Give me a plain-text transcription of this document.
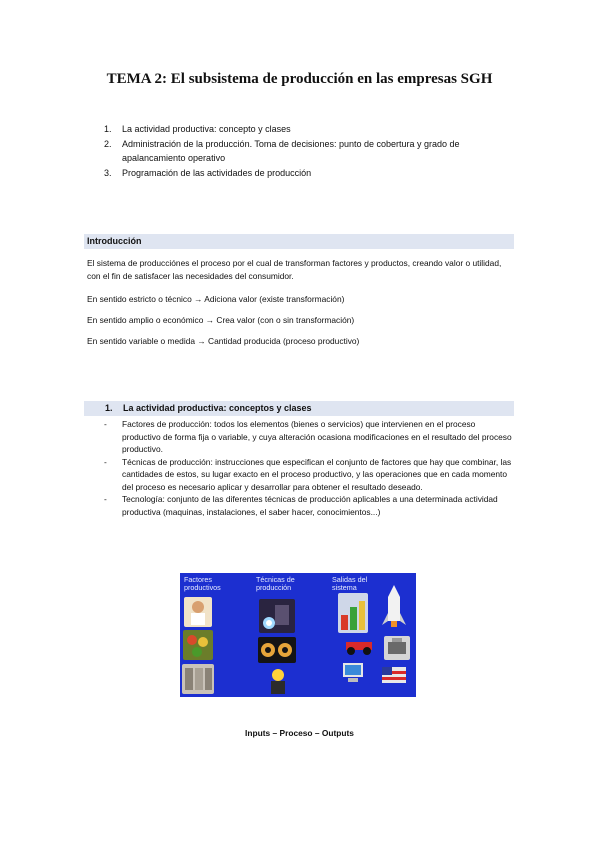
TEMA 2: El subsistema de producción en las empresas SGH
1.	La actividad productiva: concepto y clases
2.	Administración de la producción. Toma de decisiones: punto de cobertura y grado de apalancamiento operativo
3.	Programación de las actividades de producción
Introducción
El sistema de producciónes el proceso por el cual de transforman factores y productos, creando valor o utilidad, con el fin de satisfacer las necesidades del consumidor.
En sentido estricto o técnico → Adiciona valor (existe transformación)
En sentido amplio o económico → Crea valor (con o sin transformación)
En sentido variable o medida → Cantidad producida (proceso productivo)
1. La actividad productiva: conceptos y clases
-	Factores de producción: todos los elementos (bienes o servicios) que intervienen en el proceso productivo de forma fija o variable, y cuya alteración ocasiona modificaciones en el resultado del proceso productivo.
-	Técnicas de producción: instrucciones que especifican el conjunto de factores que hay que combinar, las cantidades de estos, su lugar exacto en el proceso productivo, y las operaciones que en cada momento del proceso es necesario aplicar y desarrollar para obtener el resultado deseado.
-	Tecnología: conjunto de las diferentes técnicas de producción aplicables a una determinada actividad productiva (maquinas, instalaciones, el saber hacer, conocimientos...)
Factores productivos
Técnicas de producción
Salidas del sistema
Inputs – Proceso – Outputs
